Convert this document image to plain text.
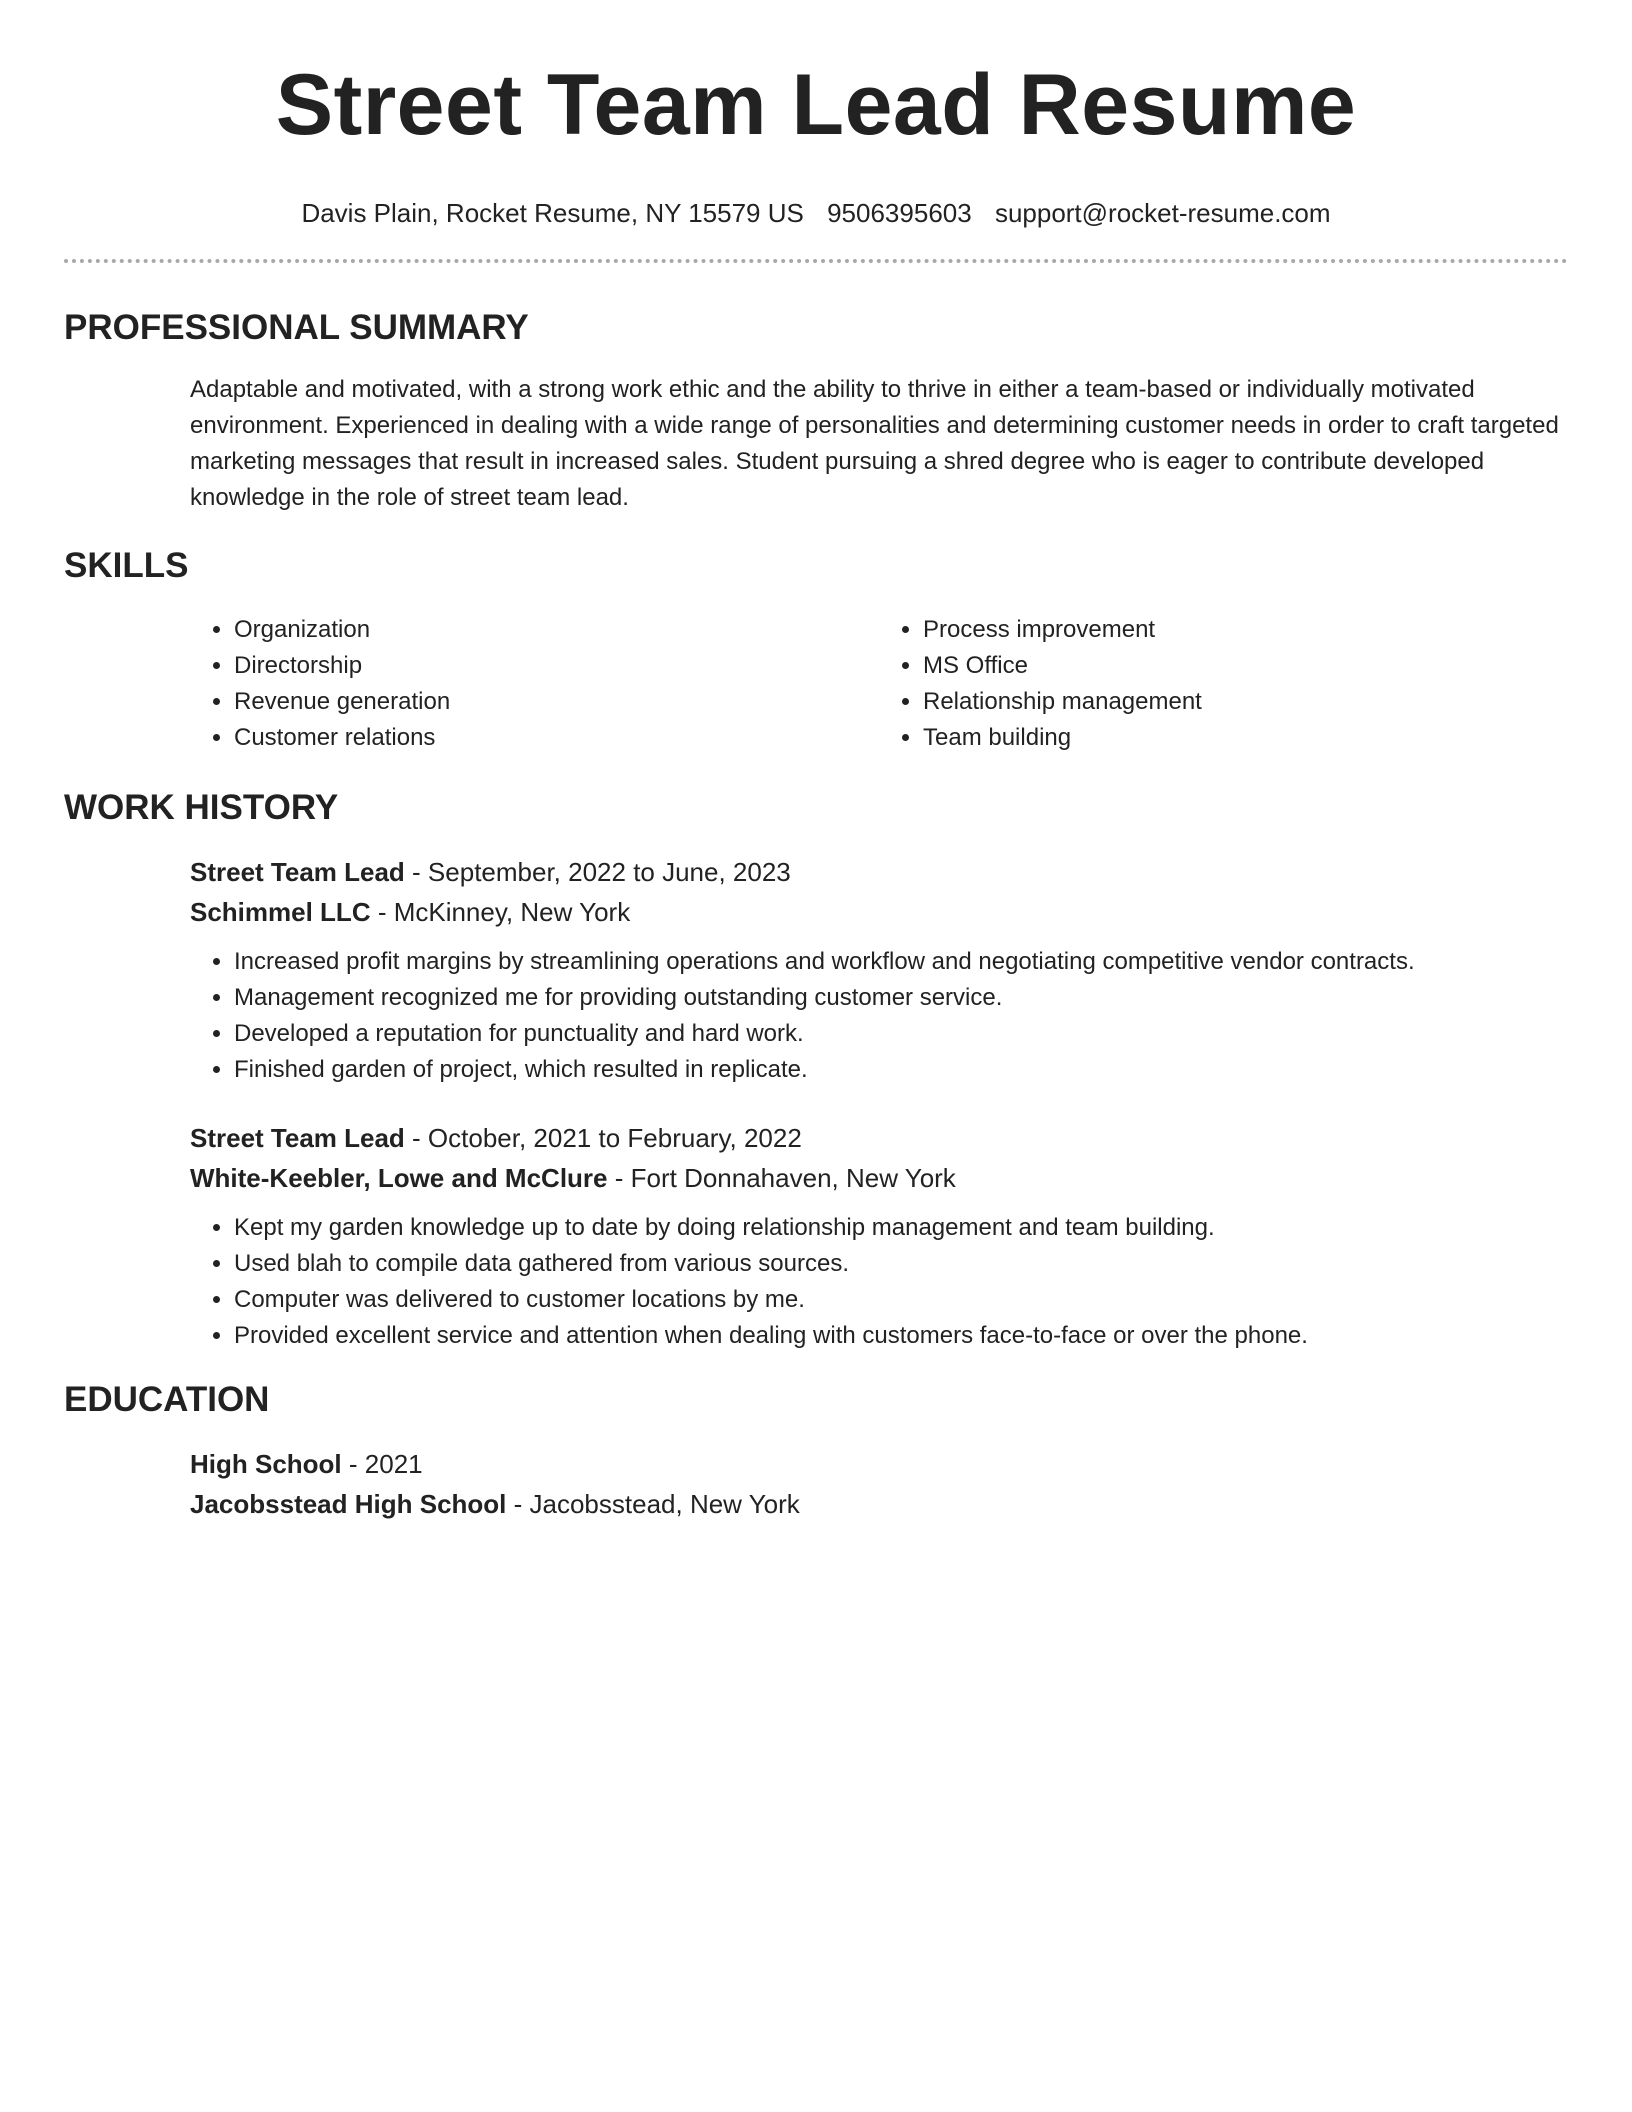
Street Team Lead Resume
Davis Plain, Rocket Resume, NY 15579 US 9506395603 support@rocket-resume.com
PROFESSIONAL SUMMARY

Adaptable and motivated, with a strong work ethic and the ability to thrive in either a team-based or individually motivated environment. Experienced in dealing with a wide range of personalities and determining customer needs in order to craft targeted marketing messages that result in increased sales. Student pursuing a shred degree who is eager to contribute developed knowledge in the role of street team lead.

SKILLS
• Organization
• Directorship
• Revenue generation
• Customer relations
• Process improvement
• MS Office
• Relationship management
• Team building
WORK HISTORY
Street Team Lead - September, 2022 to June, 2023
Schimmel LLC - McKinney, New York
• Increased profit margins by streamlining operations and workflow and negotiating competitive vendor contracts.
• Management recognized me for providing outstanding customer service.
• Developed a reputation for punctuality and hard work.
• Finished garden of project, which resulted in replicate.
Street Team Lead - October, 2021 to February, 2022
White-Keebler, Lowe and McClure - Fort Donnahaven, New York
• Kept my garden knowledge up to date by doing relationship management and team building.
• Used blah to compile data gathered from various sources.
• Computer was delivered to customer locations by me.
• Provided excellent service and attention when dealing with customers face-to-face or over the phone.
EDUCATION
High School - 2021
Jacobsstead High School - Jacobsstead, New York
